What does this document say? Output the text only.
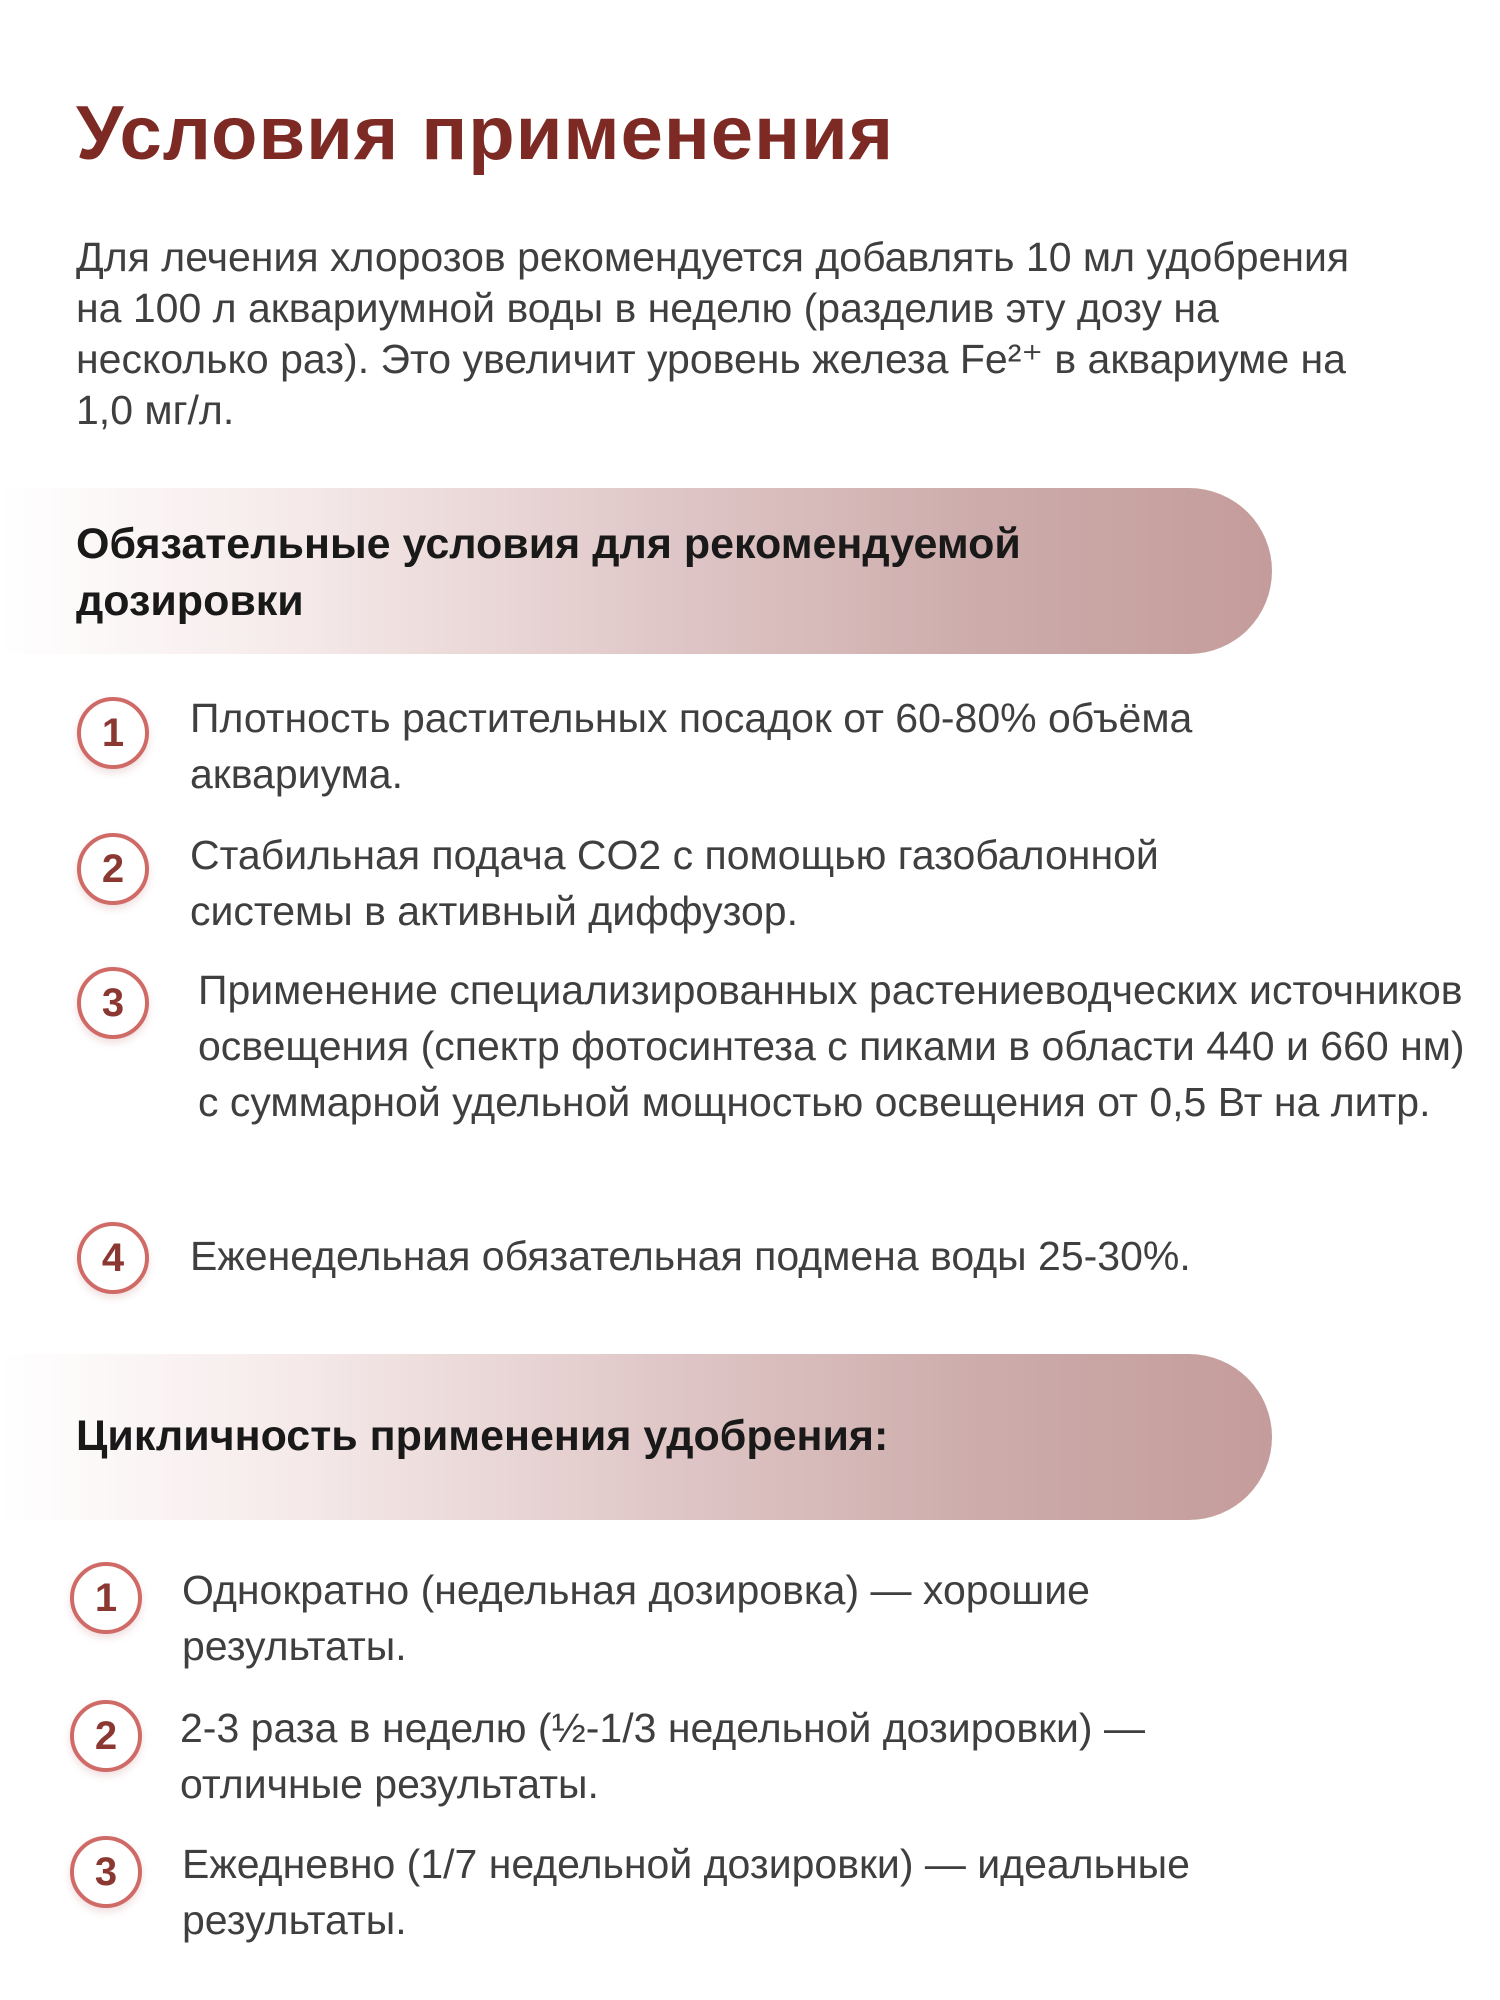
Условия применения

Для лечения хлорозов рекомендуется добавлять 10 мл удобрения на 100 л аквариумной воды в неделю (разделив эту дозу на несколько раз). Это увеличит уровень железа Fe²⁺ в аквариуме на 1,0 мг/л.

Обязательные условия для рекомендуемой дозировки
1	Плотность растительных посадок от 60-80% объёма аквариума.

2	Стабильная подача CO2 с помощью газобалонной системы в активный диффузор.

3	Применение специализированных растениеводческих источников освещения (спектр фотосинтеза с пиками в области 440 и 660 нм) с суммарной удельной мощностью освещения от 0,5 Вт на литр.

4	Еженедельная обязательная подмена воды 25-30%.

Цикличность применения удобрения:
1	Однократно (недельная дозировка) — хорошие результаты.

2	2-3 раза в неделю (½-1/3 недельной дозировки) — отличные результаты.

3	Ежедневно (1/7 недельной дозировки) — идеальные результаты.
